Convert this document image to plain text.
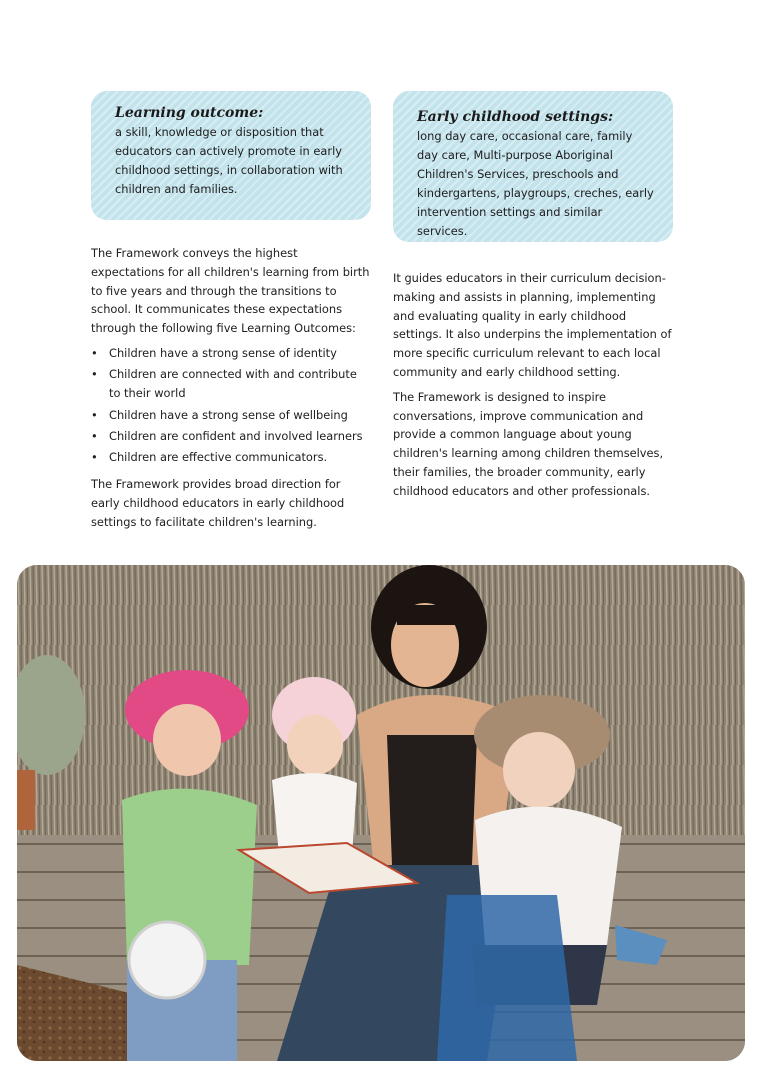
Learning outcome:

a skill, knowledge or disposition that educators can actively promote in early childhood settings, in collaboration with children and families.

Early childhood settings:

long day care, occasional care, family day care, Multi-purpose Aboriginal Children's Services, preschools and kindergartens, playgroups, creches, early intervention settings and similar services.

The Framework conveys the highest expectations for all children's learning from birth to five years and through the transitions to school. It communicates these expectations through the following five Learning Outcomes:

• Children have a strong sense of identity
• Children are connected with and contribute to their world
• Children have a strong sense of wellbeing
• Children are confident and involved learners
• Children are effective communicators.

The Framework provides broad direction for early childhood educators in early childhood settings to facilitate children's learning.

It guides educators in their curriculum decision-making and assists in planning, implementing and evaluating quality in early childhood settings. It also underpins the implementation of more specific curriculum relevant to each local community and early childhood setting.

The Framework is designed to inspire conversations, improve communication and provide a common language about young children's learning among children themselves, their families, the broader community, early childhood educators and other professionals.
